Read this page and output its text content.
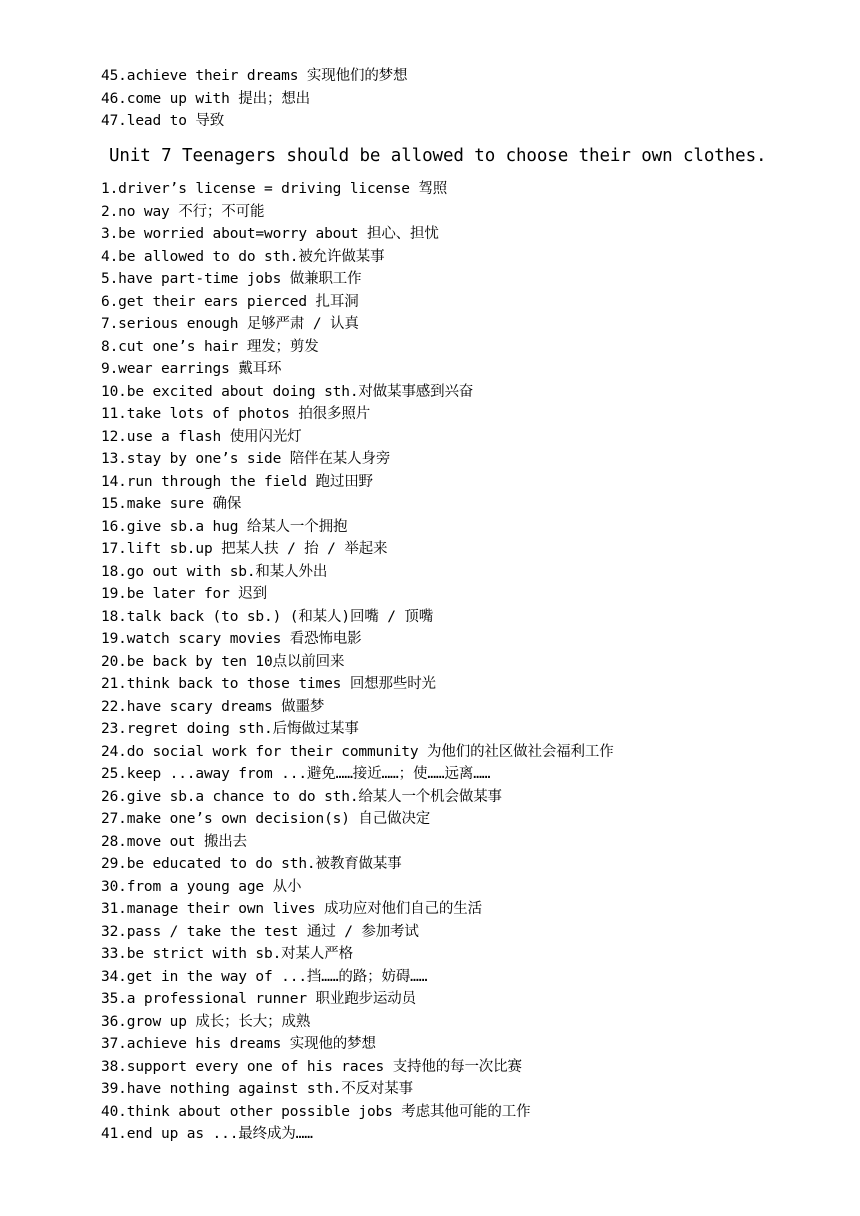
45.achieve their dreams 实现他们的梦想
46.come up with 提出；想出
47.lead to 导致
Unit 7 Teenagers should be allowed to choose their own clothes.
1.driver’s license = driving license 驾照
2.no way 不行；不可能
3.be worried about=worry about 担心、担忧
4.be allowed to do sth.被允许做某事
5.have part-time jobs 做兼职工作
6.get their ears pierced 扎耳洞
7.serious enough 足够严肃 / 认真
8.cut one’s hair 理发；剪发
9.wear earrings 戴耳环
10.be excited about doing sth.对做某事感到兴奋
11.take lots of photos 拍很多照片
12.use a flash 使用闪光灯
13.stay by one’s side 陪伴在某人身旁
14.run through the field 跑过田野
15.make sure 确保
16.give sb.a hug 给某人一个拥抱
17.lift sb.up 把某人扶 / 抬 / 举起来
18.go out with sb.和某人外出
19.be later for 迟到
18.talk back (to sb.) (和某人)回嘴 / 顶嘴
19.watch scary movies 看恐怖电影
20.be back by ten 10点以前回来
21.think back to those times 回想那些时光
22.have scary dreams 做噩梦
23.regret doing sth.后悔做过某事
24.do social work for their community 为他们的社区做社会福利工作
25.keep ...away from ...避免……接近……；使……远离……
26.give sb.a chance to do sth.给某人一个机会做某事
27.make one’s own decision(s) 自己做决定
28.move out 搬出去
29.be educated to do sth.被教育做某事
30.from a young age 从小
31.manage their own lives 成功应对他们自己的生活
32.pass / take the test 通过 / 参加考试
33.be strict with sb.对某人严格
34.get in the way of ...挡……的路；妨碍……
35.a professional runner 职业跑步运动员
36.grow up 成长；长大；成熟
37.achieve his dreams 实现他的梦想
38.support every one of his races 支持他的每一次比赛
39.have nothing against sth.不反对某事
40.think about other possible jobs 考虑其他可能的工作
41.end up as ...最终成为……
